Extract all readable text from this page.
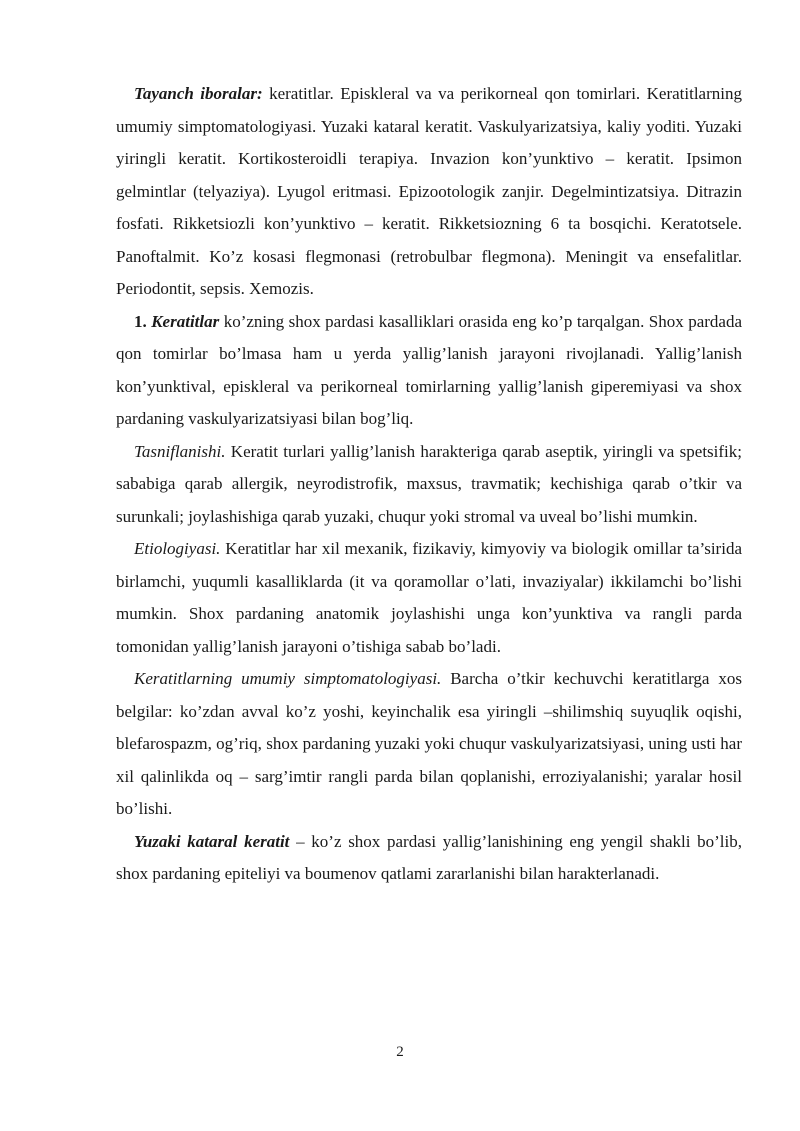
Tayanch iboralar: keratitlar. Episkleral va va perikorneal qon tomirlari. Keratitlarning umumiy simptomatologiyasi. Yuzaki kataral keratit. Vaskulyarizatsiya, kaliy yoditi. Yuzaki yiringli keratit. Kortikosteroidli terapiya. Invazion kon’yunktivo – keratit. Ipsimon gelmintlar (telyaziya). Lyugol eritmasi. Epizootologik zanjir. Degelmintizatsiya. Ditrazin fosfati. Rikketsiozli kon’yunktivo – keratit. Rikketsiozning 6 ta bosqichi. Keratotsele. Panoftalmit. Ko’z kosasi flegmonasi (retrobulbar flegmona). Meningit va ensefalitlar. Periodontit, sepsis. Xemozis.

1. Keratitlar ko’zning shox pardasi kasalliklari orasida eng ko’p tarqalgan. Shox pardada qon tomirlar bo’lmasa ham u yerda yallig’lanish jarayoni rivojlanadi. Yallig’lanish kon’yunktival, episkleral va perikorneal tomirlarning yallig’lanish giperemiyasi va shox pardaning vaskulyarizatsiyasi bilan bog’liq.

Tasniflanishi. Keratit turlari yallig’lanish harakteriga qarab aseptik, yiringli va spetsifik; sababiga qarab allergik, neyrodistrofik, maxsus, travmatik; kechishiga qarab o’tkir va surunkali; joylashishiga qarab yuzaki, chuqur yoki stromal va uveal bo’lishi mumkin.

Etiologiyasi. Keratitlar har xil mexanik, fizikaviy, kimyoviy va biologik omillar ta’sirida birlamchi, yuqumli kasalliklarda (it va qoramollar o’lati, invaziyalar) ikkilamchi bo’lishi mumkin. Shox pardaning anatomik joylashishi unga kon’yunktiva va rangli parda tomonidan yallig’lanish jarayoni o’tishiga sabab bo’ladi.

Keratitlarning umumiy simptomatologiyasi. Barcha o’tkir kechuvchi keratitlarga xos belgilar: ko’zdan avval ko’z yoshi, keyinchalik esa yiringli –shilimshiq suyuqlik oqishi, blefarospazm, og’riq, shox pardaning yuzaki yoki chuqur vaskulyarizatsiyasi, uning usti har xil qalinlikda oq – sarg’imtir rangli parda bilan qoplanishi, erroziyalanishi; yaralar hosil bo’lishi.

Yuzaki kataral keratit – ko’z shox pardasi yallig’lanishining eng yengil shakli bo’lib, shox pardaning epiteliyi va boumenov qatlami zararlanishi bilan harakterlanadi.

2
